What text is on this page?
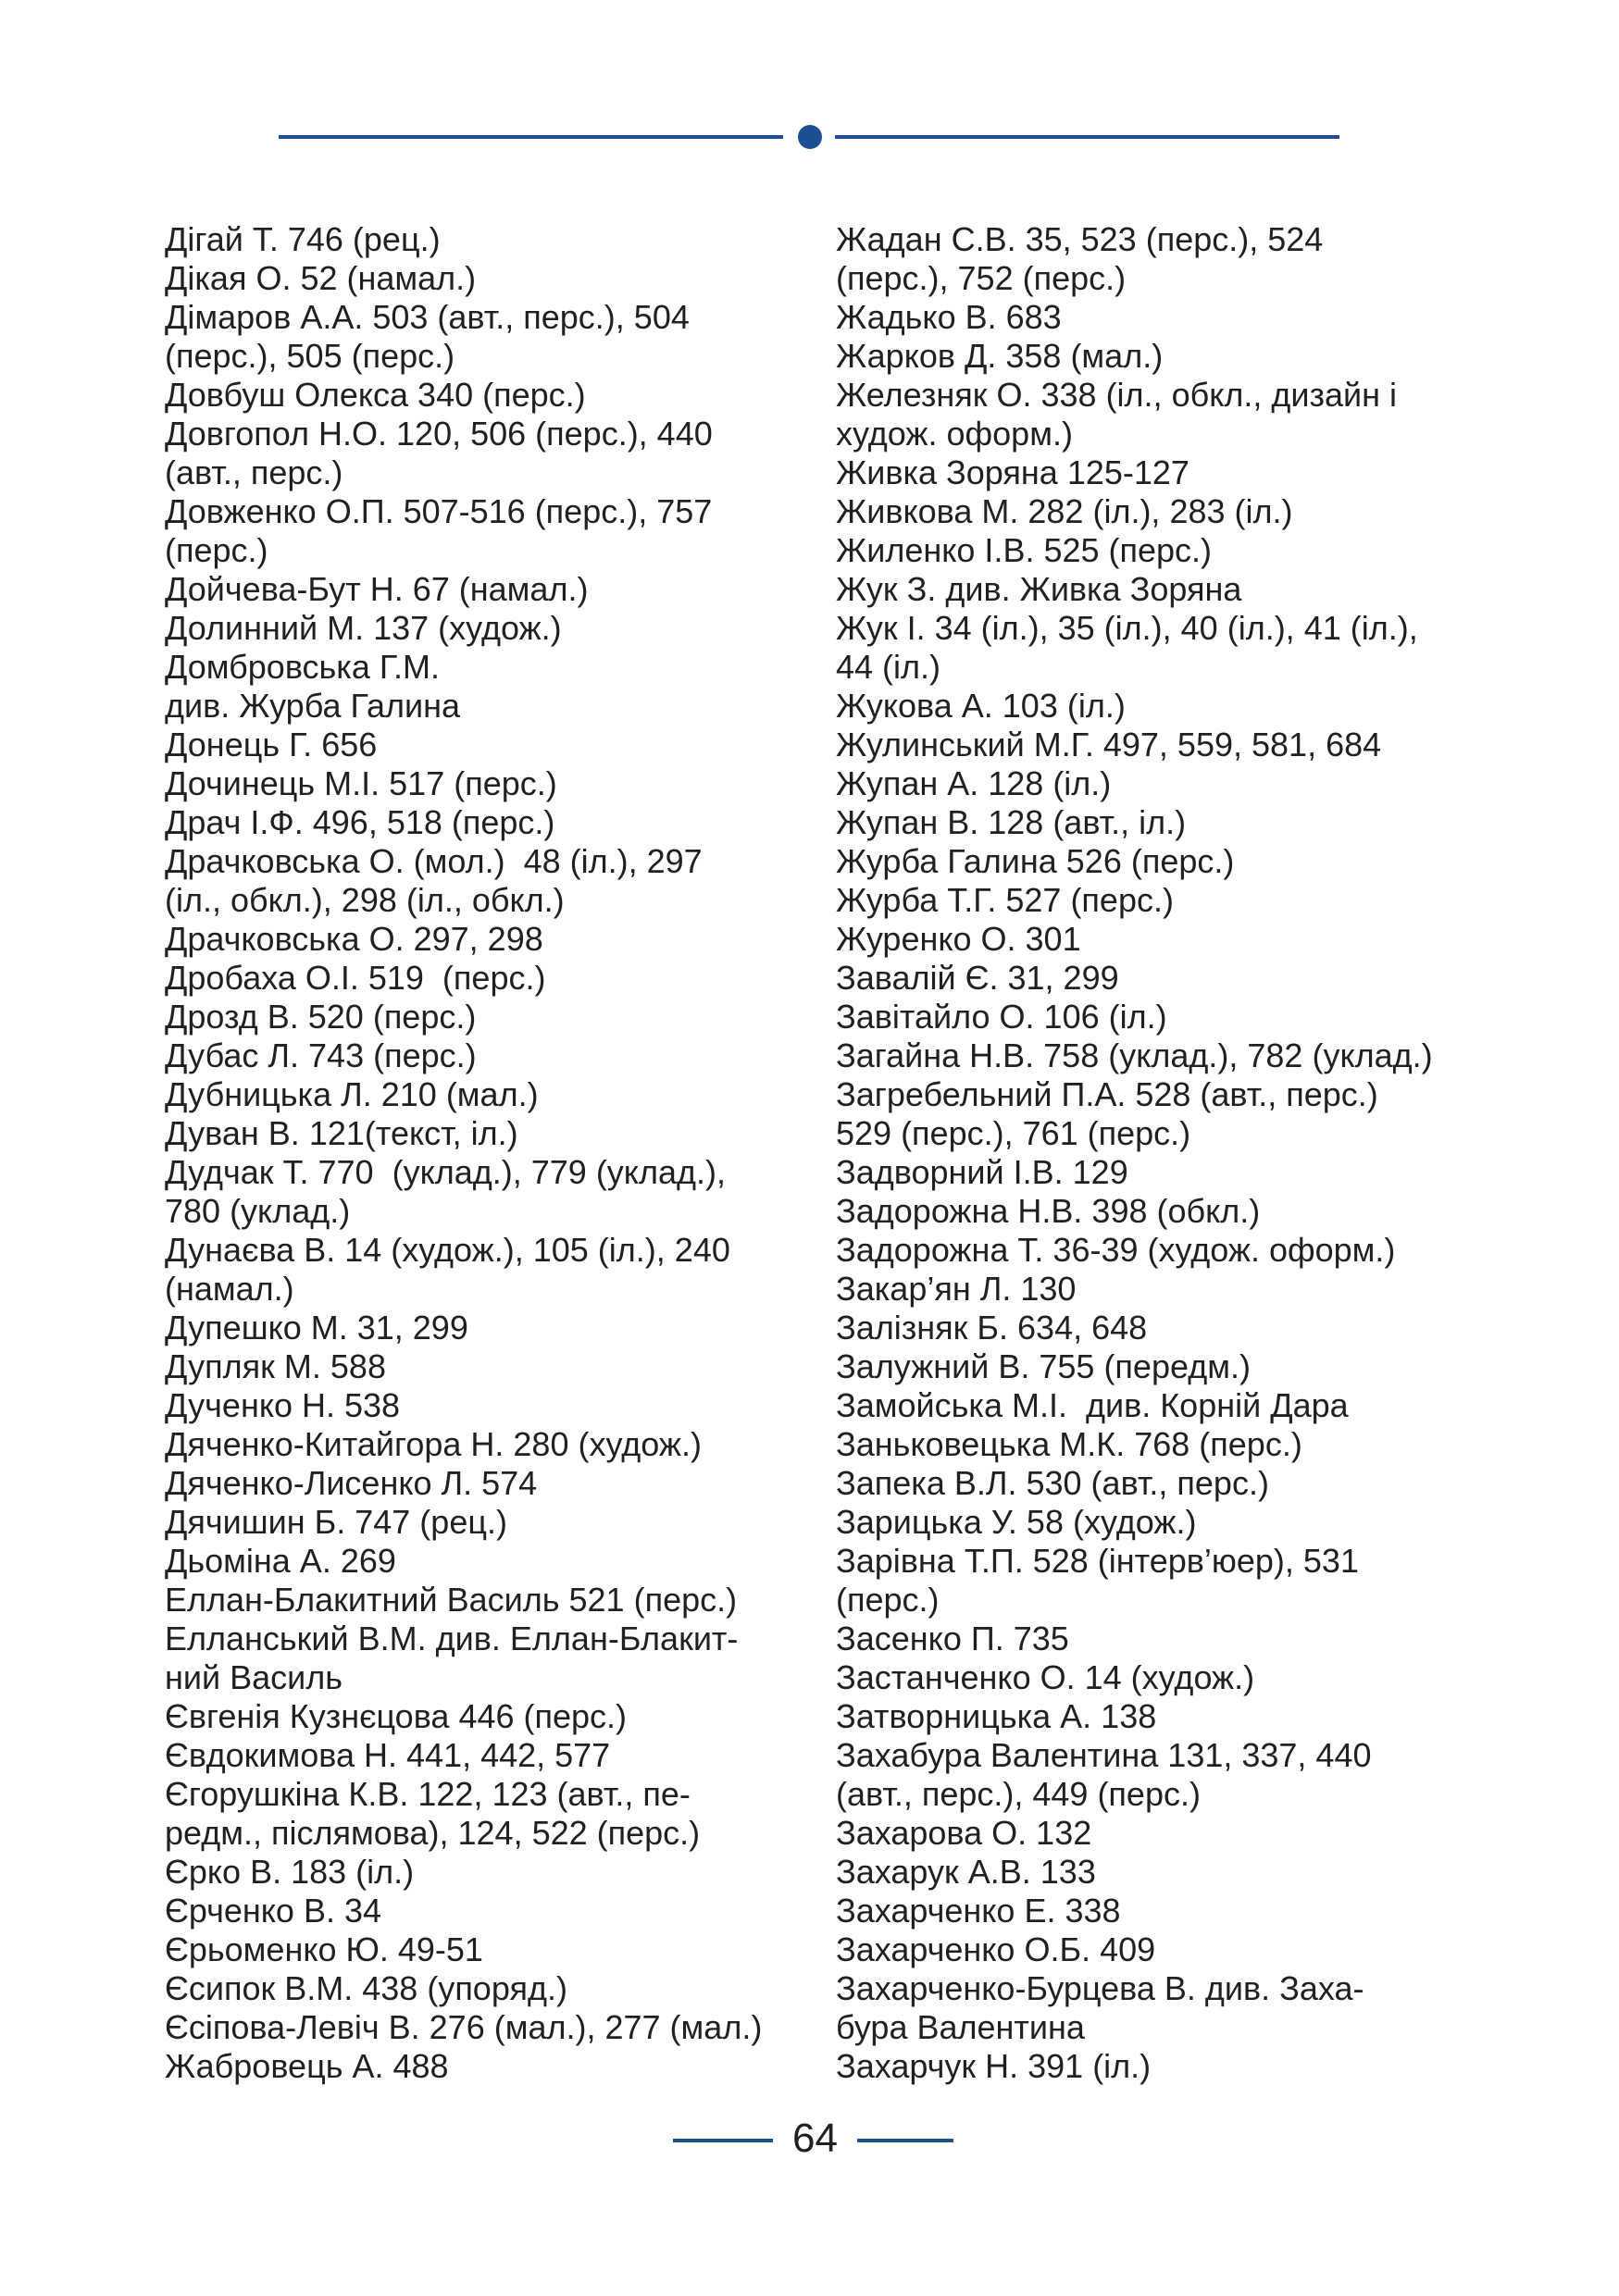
Дігай Т. 746 (рец.)

Дікая О. 52 (намал.)

Дімаров А.А. 503 (авт., перс.), 504

(перс.), 505 (перс.)

Довбуш Олекса 340 (перс.)

Довгопол Н.О. 120, 506 (перс.), 440

(авт., перс.)

Довженко О.П. 507-516 (перс.), 757

(перс.)

Дойчева-Бут Н. 67 (намал.)

Долинний М. 137 (худож.)

Домбровська Г.М.

див. Журба Галина

Донець Г. 656

Дочинець М.І. 517 (перс.)

Драч І.Ф. 496, 518 (перс.)

Драчковська О. (мол.)  48 (іл.), 297

(іл., обкл.), 298 (іл., обкл.)

Драчковська О. 297, 298

Дробаха О.І. 519  (перс.)

Дрозд В. 520 (перс.)

Дубас Л. 743 (перс.)

Дубницька Л. 210 (мал.)

Дуван В. 121(текст, іл.)

Дудчак Т. 770  (уклад.), 779 (уклад.),

780 (уклад.)

Дунаєва В. 14 (худож.), 105 (іл.), 240

(намал.)

Дупешко М. 31, 299

Дупляк М. 588

Дученко Н. 538

Дяченко-Китайгора Н. 280 (худож.)

Дяченко-Лисенко Л. 574

Дячишин Б. 747 (рец.)

Дьоміна А. 269

Еллан-Блакитний Василь 521 (перс.)

Елланський В.М. див. Еллан-Блакит-

ний Василь

Євгенія Кузнєцова 446 (перс.)

Євдокимова Н. 441, 442, 577

Єгорушкіна К.В. 122, 123 (авт., пе-

редм., післямова), 124, 522 (перс.)

Єрко В. 183 (іл.)

Єрченко В. 34

Єрьоменко Ю. 49-51

Єсипок В.М. 438 (упоряд.)

Єсіпова-Левіч В. 276 (мал.), 277 (мал.)

Жабровець А. 488

Жадан С.В. 35, 523 (перс.), 524

(перс.), 752 (перс.)

Жадько В. 683

Жарков Д. 358 (мал.)

Железняк О. 338 (іл., обкл., дизайн і

худож. оформ.)

Живка Зоряна 125-127

Живкова М. 282 (іл.), 283 (іл.)

Жиленко І.В. 525 (перс.)

Жук З. див. Живка Зоряна

Жук І. 34 (іл.), 35 (іл.), 40 (іл.), 41 (іл.),

44 (іл.)

Жукова А. 103 (іл.)

Жулинський М.Г. 497, 559, 581, 684

Жупан А. 128 (іл.)

Жупан В. 128 (авт., іл.)

Журба Галина 526 (перс.)

Журба Т.Г. 527 (перс.)

Журенко О. 301

Завалій Є. 31, 299

Завітайло О. 106 (іл.)

Загайна Н.В. 758 (уклад.), 782 (уклад.)

Загребельний П.А. 528 (авт., перс.)

529 (перс.), 761 (перс.)

Задворний І.В. 129

Задорожна Н.В. 398 (обкл.)

Задорожна Т. 36-39 (худож. оформ.)

Закар’ян Л. 130

Залізняк Б. 634, 648

Залужний В. 755 (передм.)

Замойська М.І.  див. Корній Дара

Заньковецька М.К. 768 (перс.)

Запека В.Л. 530 (авт., перс.)

Зарицька У. 58 (худож.)

Зарівна Т.П. 528 (інтерв’юер), 531

(перс.)

Засенко П. 735

Застанченко О. 14 (худож.)

Затворницька А. 138

Захабура Валентина 131, 337, 440

(авт., перс.), 449 (перс.)

Захарова О. 132

Захарук А.В. 133

Захарченко Е. 338

Захарченко О.Б. 409

Захарченко-Бурцева В. див. Заха-

бура Валентина

Захарчук Н. 391 (іл.)

64
